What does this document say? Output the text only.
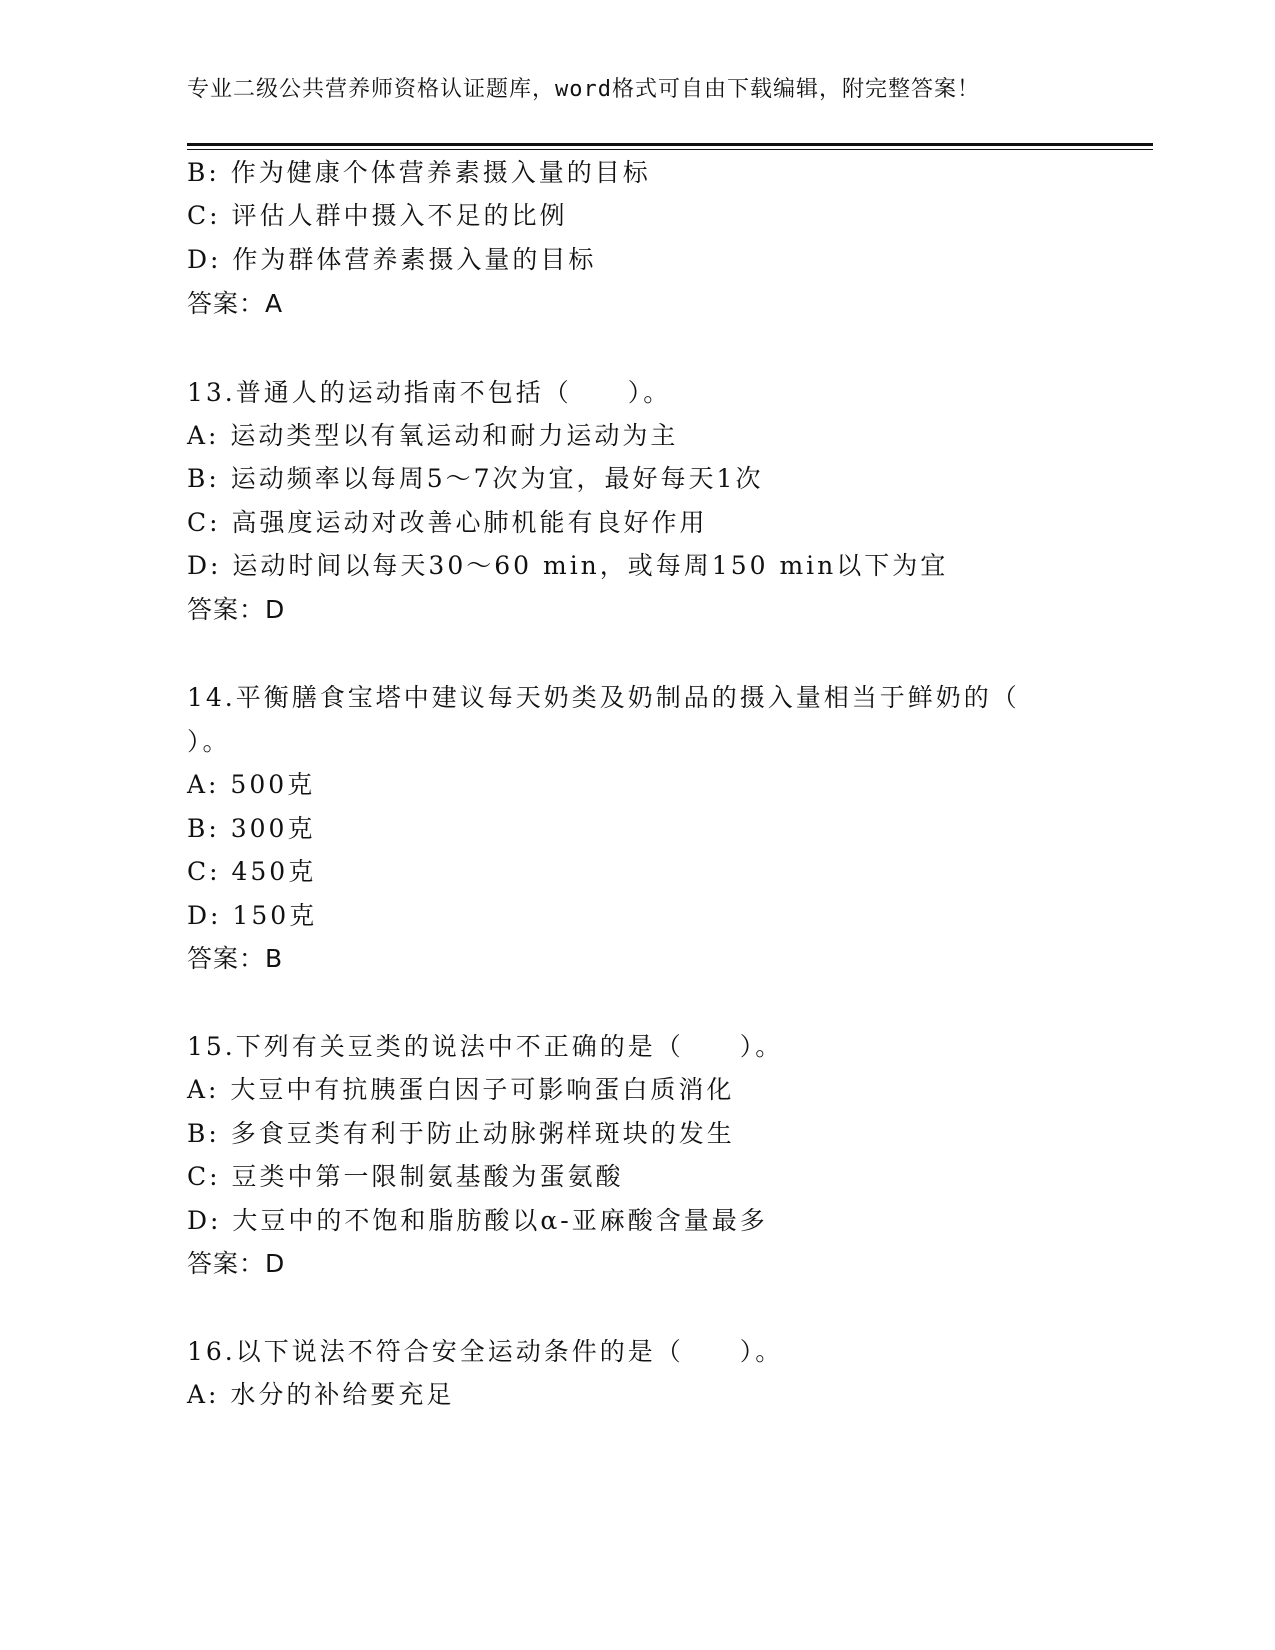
专业二级公共营养师资格认证题库，word格式可自由下载编辑，附完整答案！
B: 作为健康个体营养素摄入量的目标
C: 评估人群中摄入不足的比例
D: 作为群体营养素摄入量的目标
答案：A
13.普通人的运动指南不包括（　　）。
A: 运动类型以有氧运动和耐力运动为主
B: 运动频率以每周5～7次为宜，最好每天1次
C: 高强度运动对改善心肺机能有良好作用
D: 运动时间以每天30～60 min，或每周150 min以下为宜
答案：D
14.平衡膳食宝塔中建议每天奶类及奶制品的摄入量相当于鲜奶的（
）。
A: 500克
B: 300克
C: 450克
D: 150克
答案：B
15.下列有关豆类的说法中不正确的是（　　）。
A: 大豆中有抗胰蛋白因子可影响蛋白质消化
B: 多食豆类有利于防止动脉粥样斑块的发生
C: 豆类中第一限制氨基酸为蛋氨酸
D: 大豆中的不饱和脂肪酸以α-亚麻酸含量最多
答案：D
16.以下说法不符合安全运动条件的是（　　）。
A: 水分的补给要充足
